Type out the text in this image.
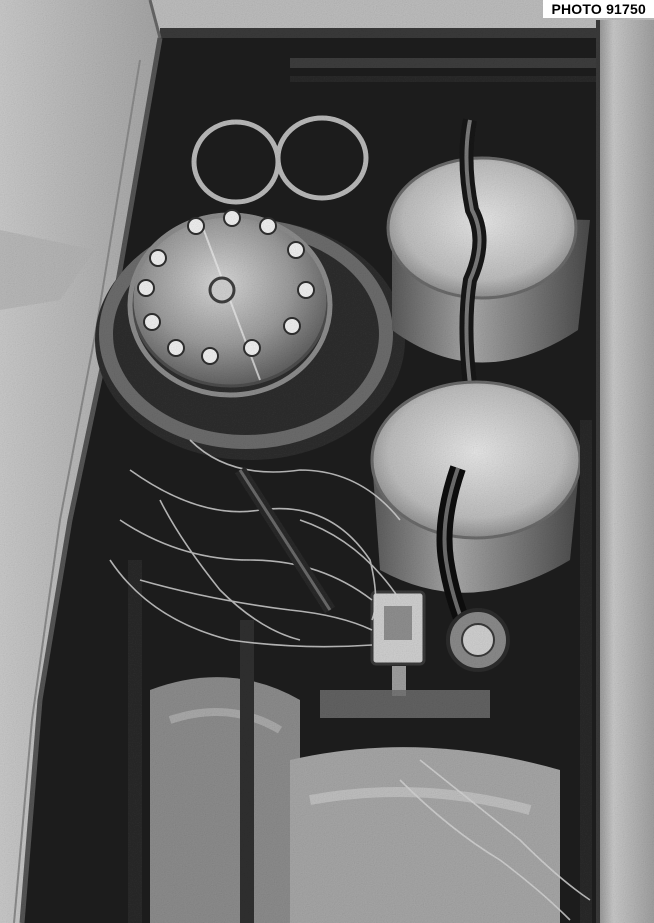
PHOTO 91750
